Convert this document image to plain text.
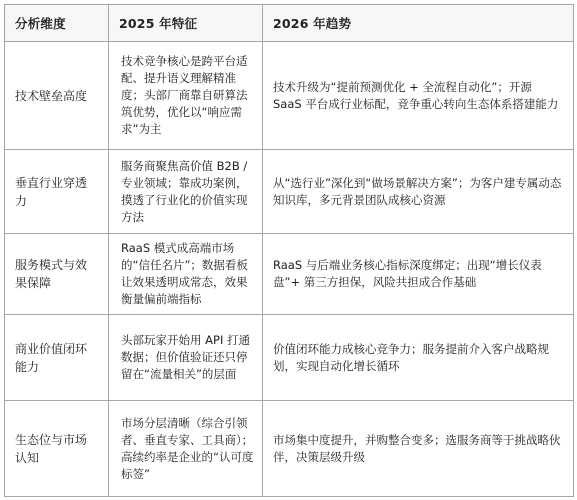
分析维度	2025 年特征	2026 年趋势
技术壁垒高度	技术竞争核心是跨平台适配、提升语义理解精准度；头部厂商靠自研算法筑优势，优化以“响应需求”为主	技术升级为“提前预测优化 + 全流程自动化”；开源 SaaS 平台成行业标配，竞争重心转向生态体系搭建能力
垂直行业穿透力	服务商聚焦高价值 B2B / 专业领域；靠成功案例，摸透了行业化的价值实现方法	从“选行业”深化到“做场景解决方案”；为客户建专属动态知识库，多元背景团队成核心资源
服务模式与效果保障	RaaS 模式成高端市场的“信任名片”；数据看板让效果透明成常态，效果衡量偏前端指标	RaaS 与后端业务核心指标深度绑定；出现“增长仪表盘”+ 第三方担保，风险共担成合作基础
商业价值闭环能力	头部玩家开始用 API 打通数据；但价值验证还只停留在“流量相关”的层面	价值闭环能力成核心竞争力；服务提前介入客户战略规划，实现自动化增长循环
生态位与市场认知	市场分层清晰（综合引领者、垂直专家、工具商）；高续约率是企业的“认可度标签”	市场集中度提升，并购整合变多；选服务商等于挑战略伙伴，决策层级升级
